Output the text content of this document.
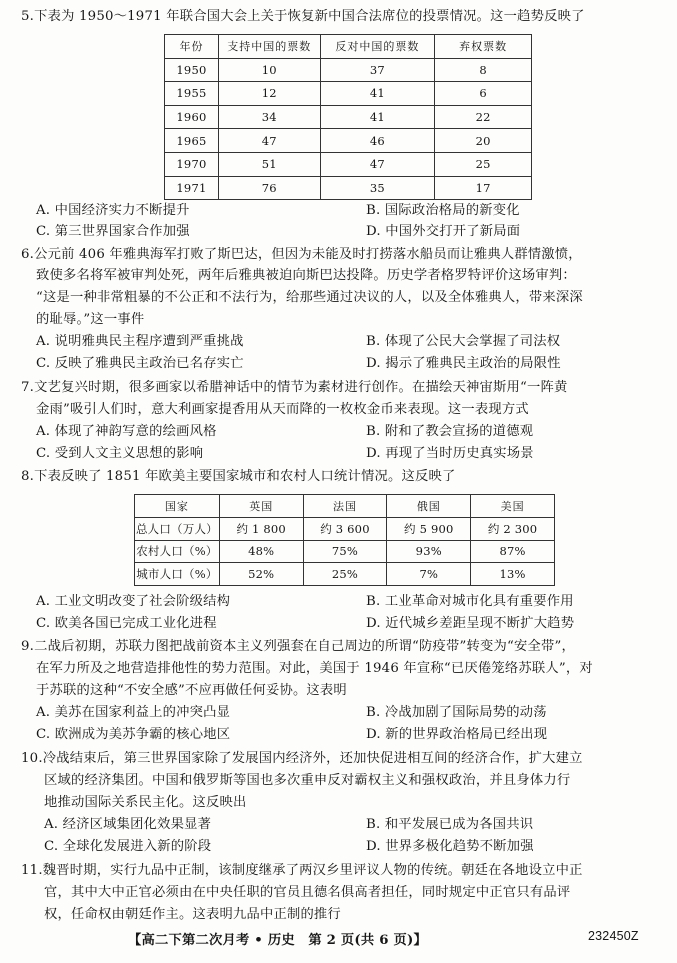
5.下表为 1950～1971 年联合国大会上关于恢复新中国合法席位的投票情况。这一趋势反映了
年份	支持中国的票数	反对中国的票数	弃权票数
1950	10	37	8
1955	12	41	6
1960	34	41	22
1965	47	46	20
1970	51	47	25
1971	76	35	17
A. 中国经济实力不断提升	B. 国际政治格局的新变化
C. 第三世界国家合作加强	D. 中国外交打开了新局面
6.公元前 406 年雅典海军打败了斯巴达，但因为未能及时打捞落水船员而让雅典人群情激愤，
致使多名将军被审判处死，两年后雅典被迫向斯巴达投降。历史学者格罗特评价这场审判：
“这是一种非常粗暴的不公正和不法行为，给那些通过决议的人，以及全体雅典人，带来深深
的耻辱。”这一事件
A. 说明雅典民主程序遭到严重挑战	B. 体现了公民大会掌握了司法权
C. 反映了雅典民主政治已名存实亡	D. 揭示了雅典民主政治的局限性
7.文艺复兴时期，很多画家以希腊神话中的情节为素材进行创作。在描绘天神宙斯用“一阵黄
金雨”吸引人们时，意大利画家提香用从天而降的一枚枚金币来表现。这一表现方式
A. 体现了神韵写意的绘画风格	B. 附和了教会宣扬的道德观
C. 受到人文主义思想的影响	D. 再现了当时历史真实场景
8.下表反映了 1851 年欧美主要国家城市和农村人口统计情况。这反映了
国家	英国	法国	俄国	美国
总人口（万人）	约 1 800	约 3 600	约 5 900	约 2 300
农村人口（%）	48%	75%	93%	87%
城市人口（%）	52%	25%	7%	13%
A. 工业文明改变了社会阶级结构	B. 工业革命对城市化具有重要作用
C. 欧美各国已完成工业化进程	D. 近代城乡差距呈现不断扩大趋势
9.二战后初期，苏联力图把战前资本主义列强套在自己周边的所谓“防疫带”转变为“安全带”，
在军力所及之地营造排他性的势力范围。对此，美国于 1946 年宣称“已厌倦笼络苏联人”，对
于苏联的这种“不安全感”不应再做任何妥协。这表明
A. 美苏在国家利益上的冲突凸显	B. 冷战加剧了国际局势的动荡
C. 欧洲成为美苏争霸的核心地区	D. 新的世界政治格局已经出现
10.冷战结束后，第三世界国家除了发展国内经济外，还加快促进相互间的经济合作，扩大建立
区域的经济集团。中国和俄罗斯等国也多次重申反对霸权主义和强权政治，并且身体力行
地推动国际关系民主化。这反映出
A. 经济区域集团化效果显著	B. 和平发展已成为各国共识
C. 全球化发展进入新的阶段	D. 世界多极化趋势不断加强
11.魏晋时期，实行九品中正制，该制度继承了两汉乡里评议人物的传统。朝廷在各地设立中正
官，其中大中正官必须由在中央任职的官员且德名俱高者担任，同时规定中正官只有品评
权，任命权由朝廷作主。这表明九品中正制的推行
【高二下第二次月考 • 历史　第 2 页(共 6 页)】	232450Z
